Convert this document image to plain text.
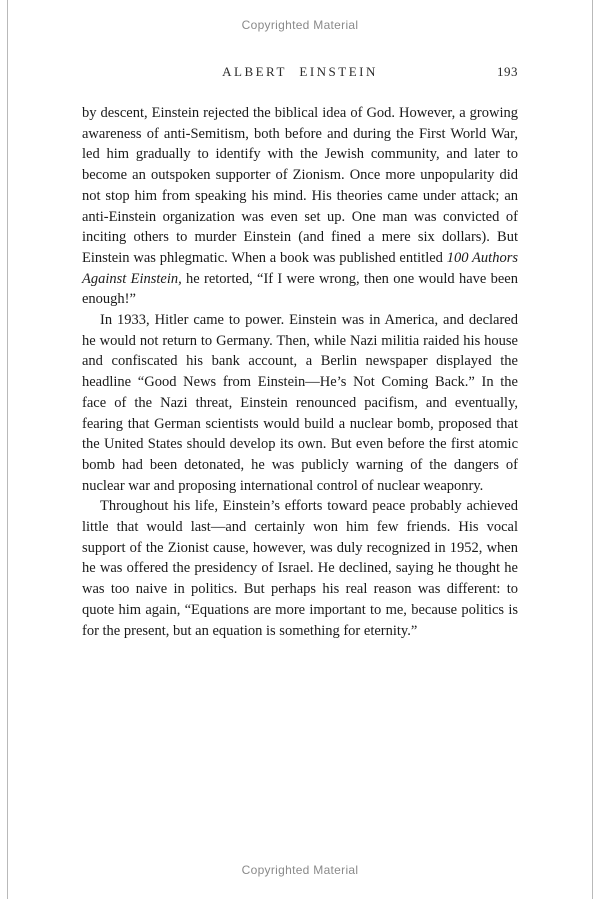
Copyrighted Material
ALBERT EINSTEIN	193

by descent, Einstein rejected the biblical idea of God. However, a growing awareness of anti-Semitism, both before and during the First World War, led him gradually to identify with the Jewish community, and later to become an outspoken supporter of Zionism. Once more unpopularity did not stop him from speaking his mind. His theories came under attack; an anti-Einstein organization was even set up. One man was convicted of inciting others to murder Einstein (and fined a mere six dollars). But Einstein was phlegmatic. When a book was published entitled 100 Authors Against Einstein, he retorted, “If I were wrong, then one would have been enough!”

In 1933, Hitler came to power. Einstein was in America, and declared he would not return to Germany. Then, while Nazi militia raided his house and confiscated his bank account, a Berlin newspaper displayed the headline “Good News from Einstein—He’s Not Coming Back.” In the face of the Nazi threat, Einstein renounced pacifism, and eventually, fearing that German scientists would build a nuclear bomb, proposed that the United States should develop its own. But even before the first atomic bomb had been detonated, he was publicly warning of the dangers of nuclear war and proposing international control of nuclear weaponry.

Throughout his life, Einstein’s efforts toward peace probably achieved little that would last—and certainly won him few friends. His vocal support of the Zionist cause, however, was duly recognized in 1952, when he was offered the presidency of Israel. He declined, saying he thought he was too naive in politics. But perhaps his real reason was different: to quote him again, “Equations are more important to me, because politics is for the present, but an equation is something for eternity.”

Copyrighted Material
